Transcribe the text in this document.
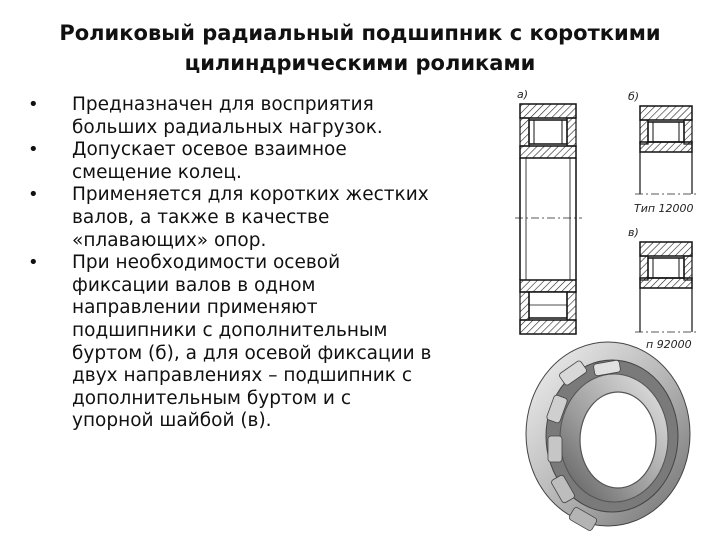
Роликовый радиальный подшипник с короткими
цилиндрическими роликами
• Предназначен для восприятия
больших радиальных нагрузок.
• Допускает осевое взаимное
смещение колец.
• Применяется для коротких жестких
валов, а также в качестве
«плавающих» опор.
• При необходимости осевой
фиксации валов в одном
направлении применяют
подшипники с дополнительным
буртом (б), а для осевой фиксации в
двух направлениях – подшипник с
дополнительным буртом и с
упорной шайбой (в).
а)	б)
Тип 12000
в)
п 92000
